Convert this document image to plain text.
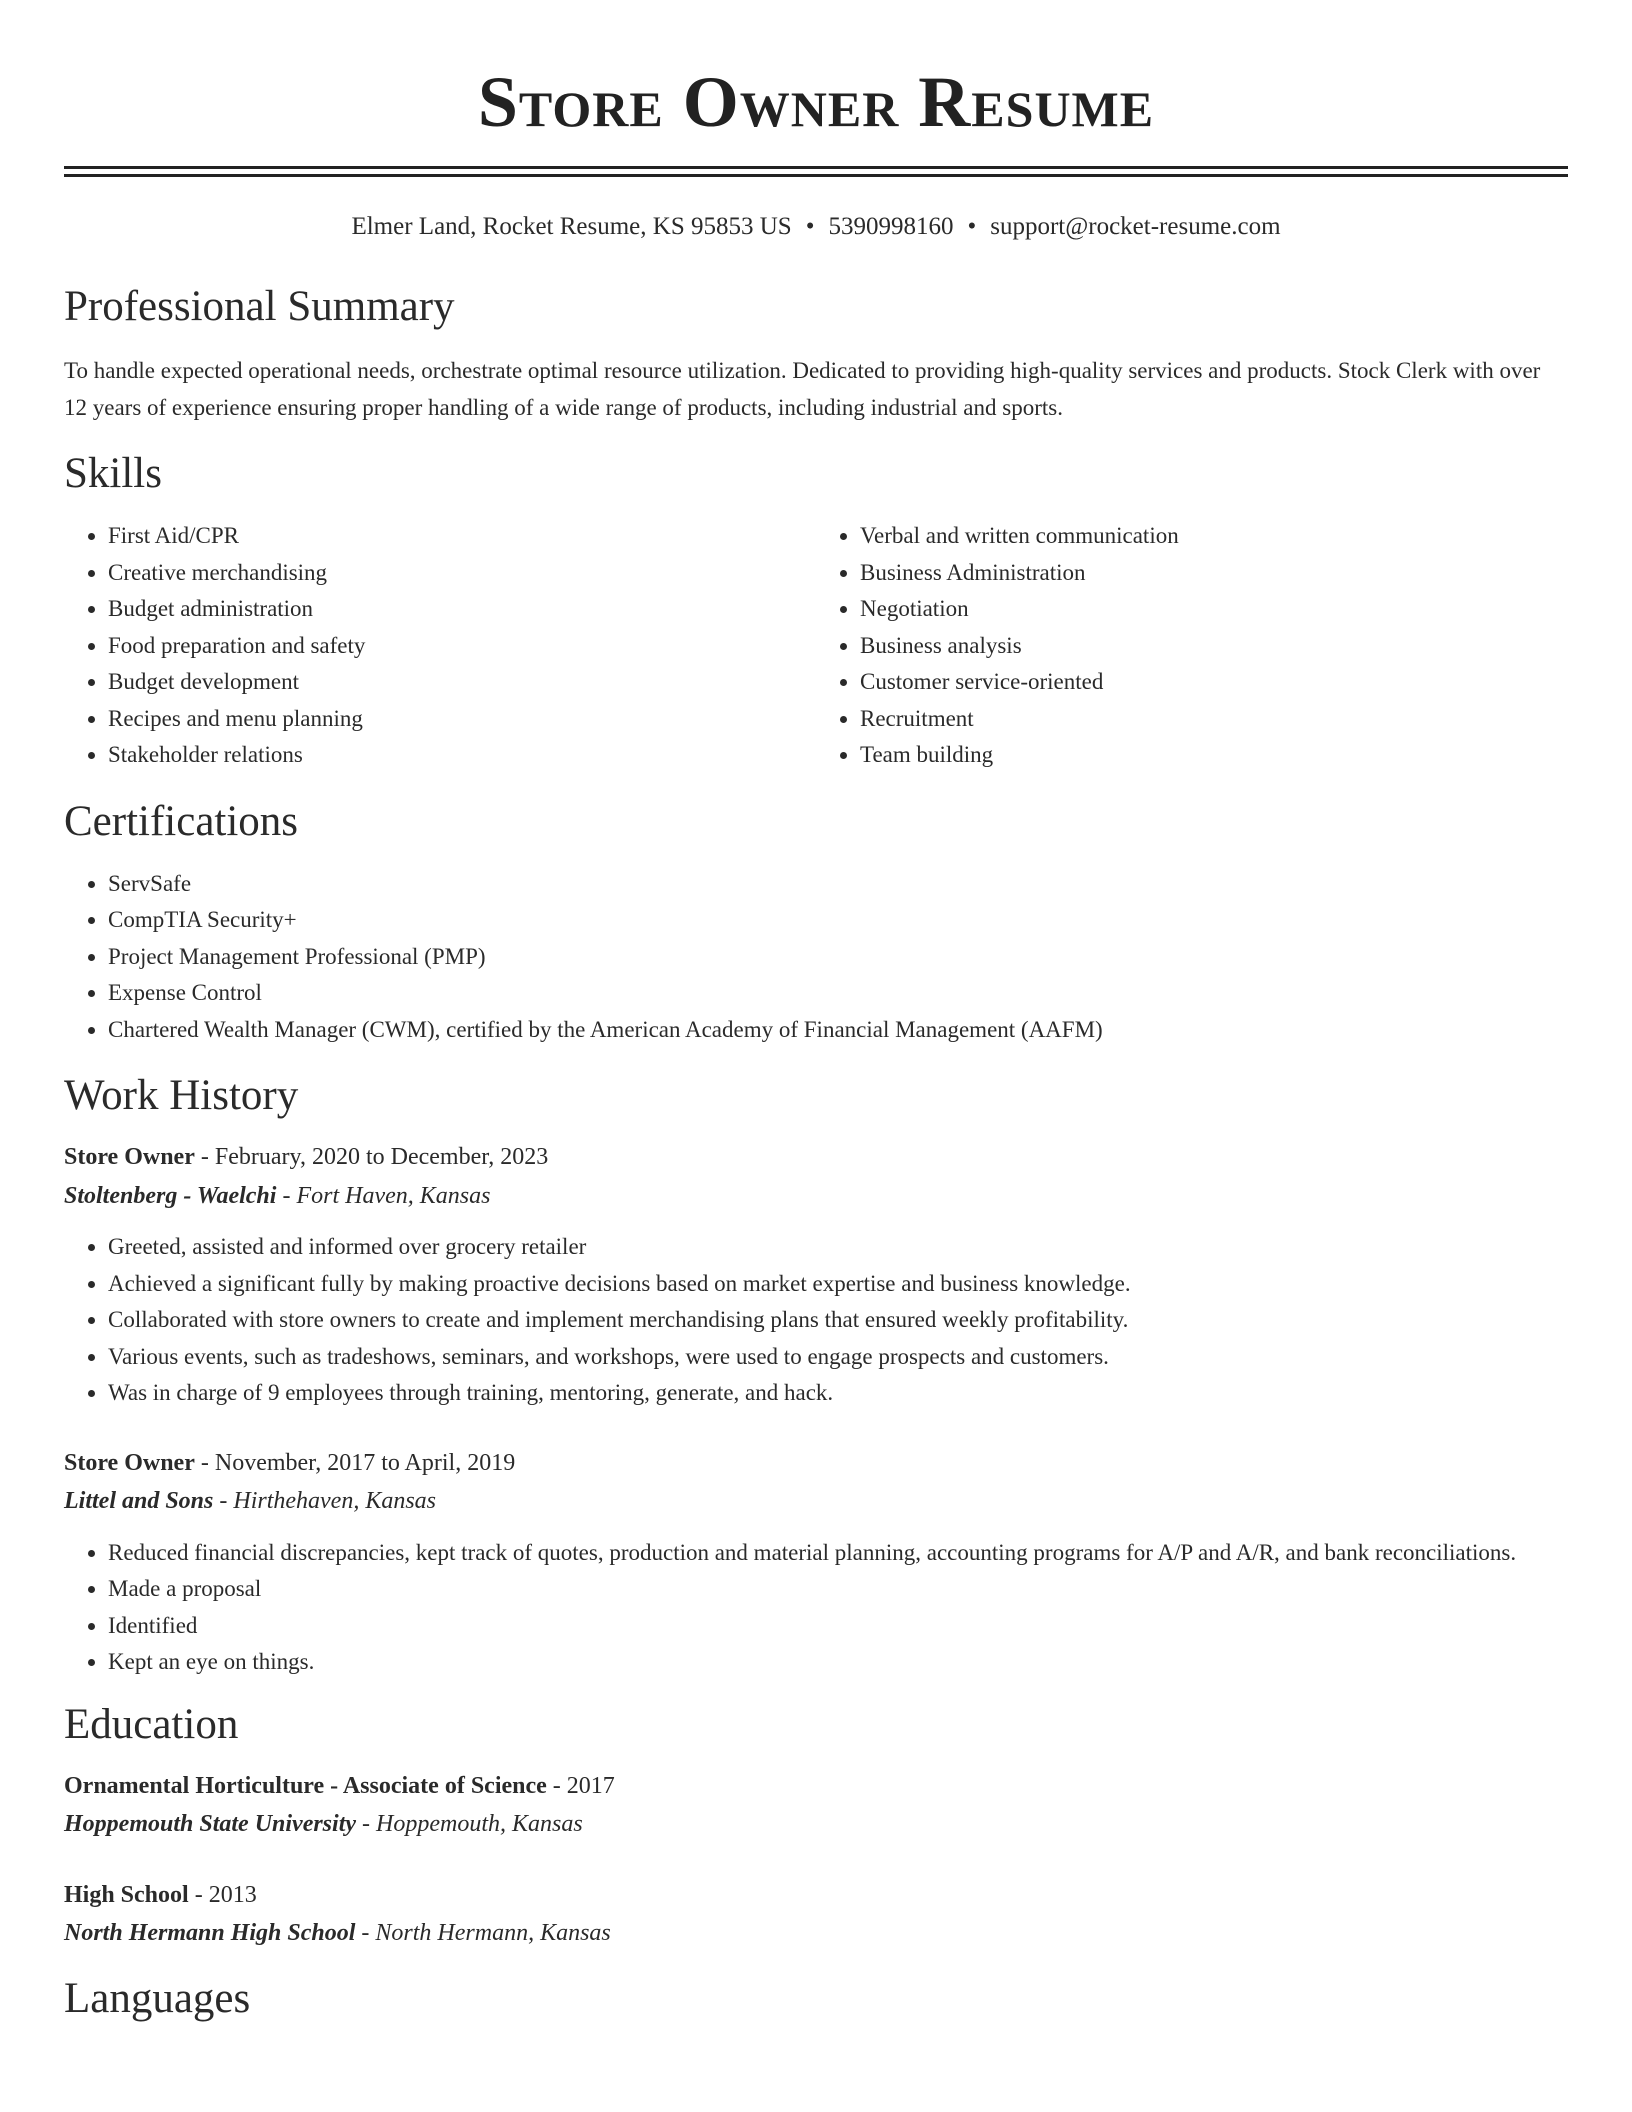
Store Owner Resume
Elmer Land, Rocket Resume, KS 95853 US • 5390998160 • support@rocket-resume.com
Professional Summary

To handle expected operational needs, orchestrate optimal resource utilization. Dedicated to providing high-quality services and products. Stock Clerk with over 12 years of experience ensuring proper handling of a wide range of products, including industrial and sports.

Skills
• First Aid/CPR
• Creative merchandising
• Budget administration
• Food preparation and safety
• Budget development
• Recipes and menu planning
• Stakeholder relations
• Verbal and written communication
• Business Administration
• Negotiation
• Business analysis
• Customer service-oriented
• Recruitment
• Team building
Certifications
• ServSafe
• CompTIA Security+
• Project Management Professional (PMP)
• Expense Control
• Chartered Wealth Manager (CWM), certified by the American Academy of Financial Management (AAFM)
Work History
Store Owner - February, 2020 to December, 2023
Stoltenberg - Waelchi - Fort Haven, Kansas
• Greeted, assisted and informed over grocery retailer
• Achieved a significant fully by making proactive decisions based on market expertise and business knowledge.
• Collaborated with store owners to create and implement merchandising plans that ensured weekly profitability.
• Various events, such as tradeshows, seminars, and workshops, were used to engage prospects and customers.
• Was in charge of 9 employees through training, mentoring, generate, and hack.
Store Owner - November, 2017 to April, 2019
Littel and Sons - Hirthehaven, Kansas
• Reduced financial discrepancies, kept track of quotes, production and material planning, accounting programs for A/P and A/R, and bank reconciliations.
• Made a proposal
• Identified
• Kept an eye on things.
Education
Ornamental Horticulture - Associate of Science - 2017
Hoppemouth State University - Hoppemouth, Kansas
High School - 2013
North Hermann High School - North Hermann, Kansas
Languages
